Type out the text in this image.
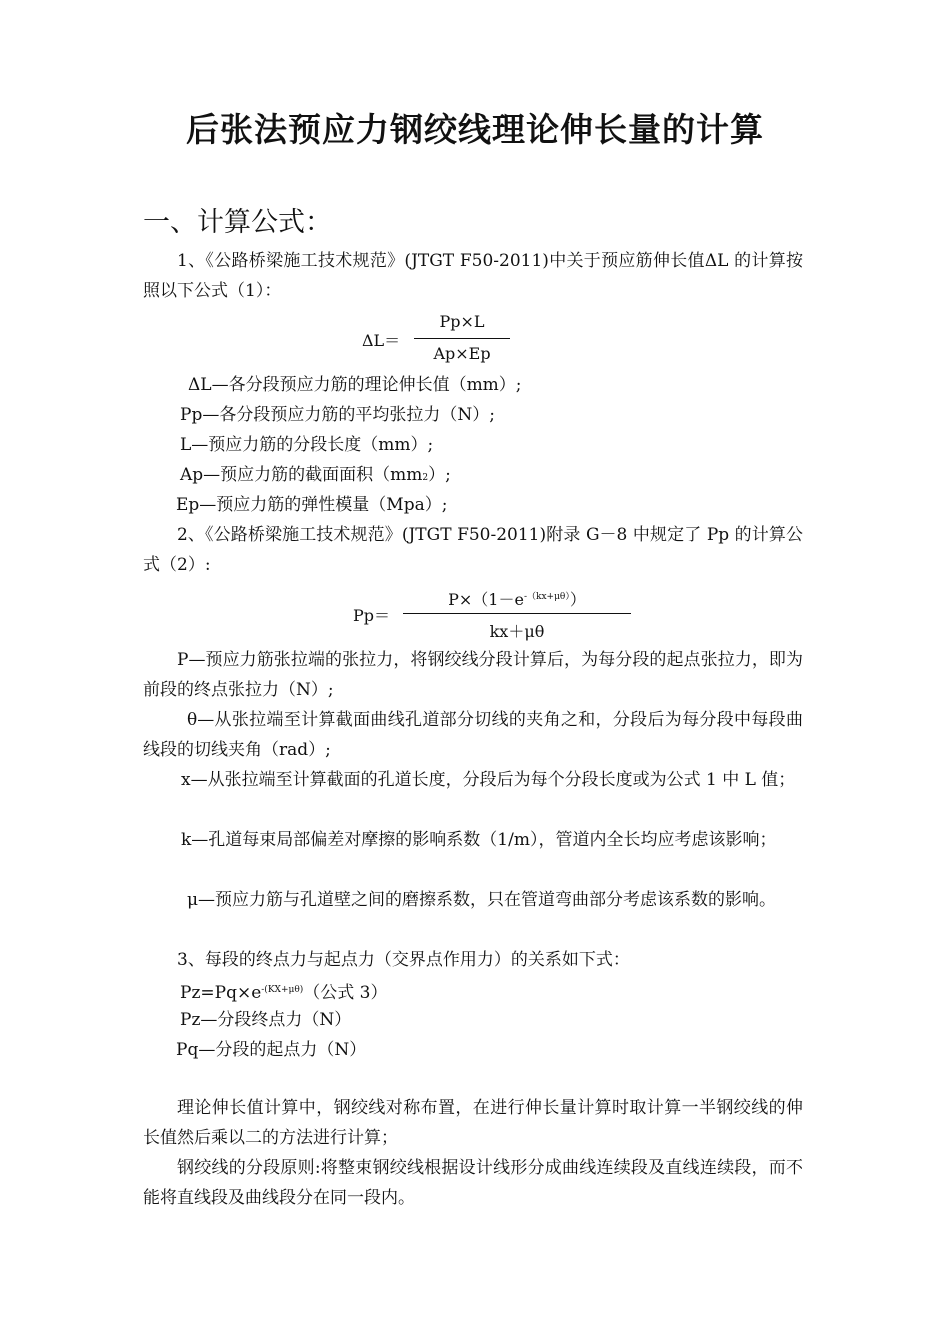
后张法预应力钢绞线理论伸长量的计算
一、计算公式：

1、《公路桥梁施工技术规范》(JTGT F50-2011)中关于预应筋伸长值ΔL 的计算按照以下公式（1）：

ΔL＝
Pp×L
Ap×Ep
ΔL—各分段预应力筋的理论伸长值（mm）;
Pp—各分段预应力筋的平均张拉力（N）;
L—预应力筋的分段长度（mm）;
Ap—预应力筋的截面面积（mm2）;
Ep—预应力筋的弹性模量（Mpa）;

2、《公路桥梁施工技术规范》(JTGT F50-2011)附录 G－8 中规定了 Pp 的计算公式（2）:

Pp＝
$P\times(1-e^{-(kx+\mu\theta)})$
kx＋μθ

P—预应力筋张拉端的张拉力，将钢绞线分段计算后，为每分段的起点张拉力，即为前段的终点张拉力（N）;

θ—从张拉端至计算截面曲线孔道部分切线的夹角之和，分段后为每分段中每段曲线段的切线夹角（rad）;

x—从张拉端至计算截面的孔道长度，分段后为每个分段长度或为公式 1 中 L 值；

k—孔道每束局部偏差对摩擦的影响系数（1/m），管道内全长均应考虑该影响；

μ—预应力筋与孔道壁之间的磨擦系数，只在管道弯曲部分考虑该系数的影响。

3、每段的终点力与起点力（交界点作用力）的关系如下式：
$Pz=Pq\times e^{-(KX+\mu\theta)}$（公式 3）
Pz—分段终点力（N）
Pq—分段的起点力（N）

理论伸长值计算中，钢绞线对称布置，在进行伸长量计算时取计算一半钢绞线的伸长值然后乘以二的方法进行计算；

钢绞线的分段原则:将整束钢绞线根据设计线形分成曲线连续段及直线连续段，而不能将直线段及曲线段分在同一段内。
